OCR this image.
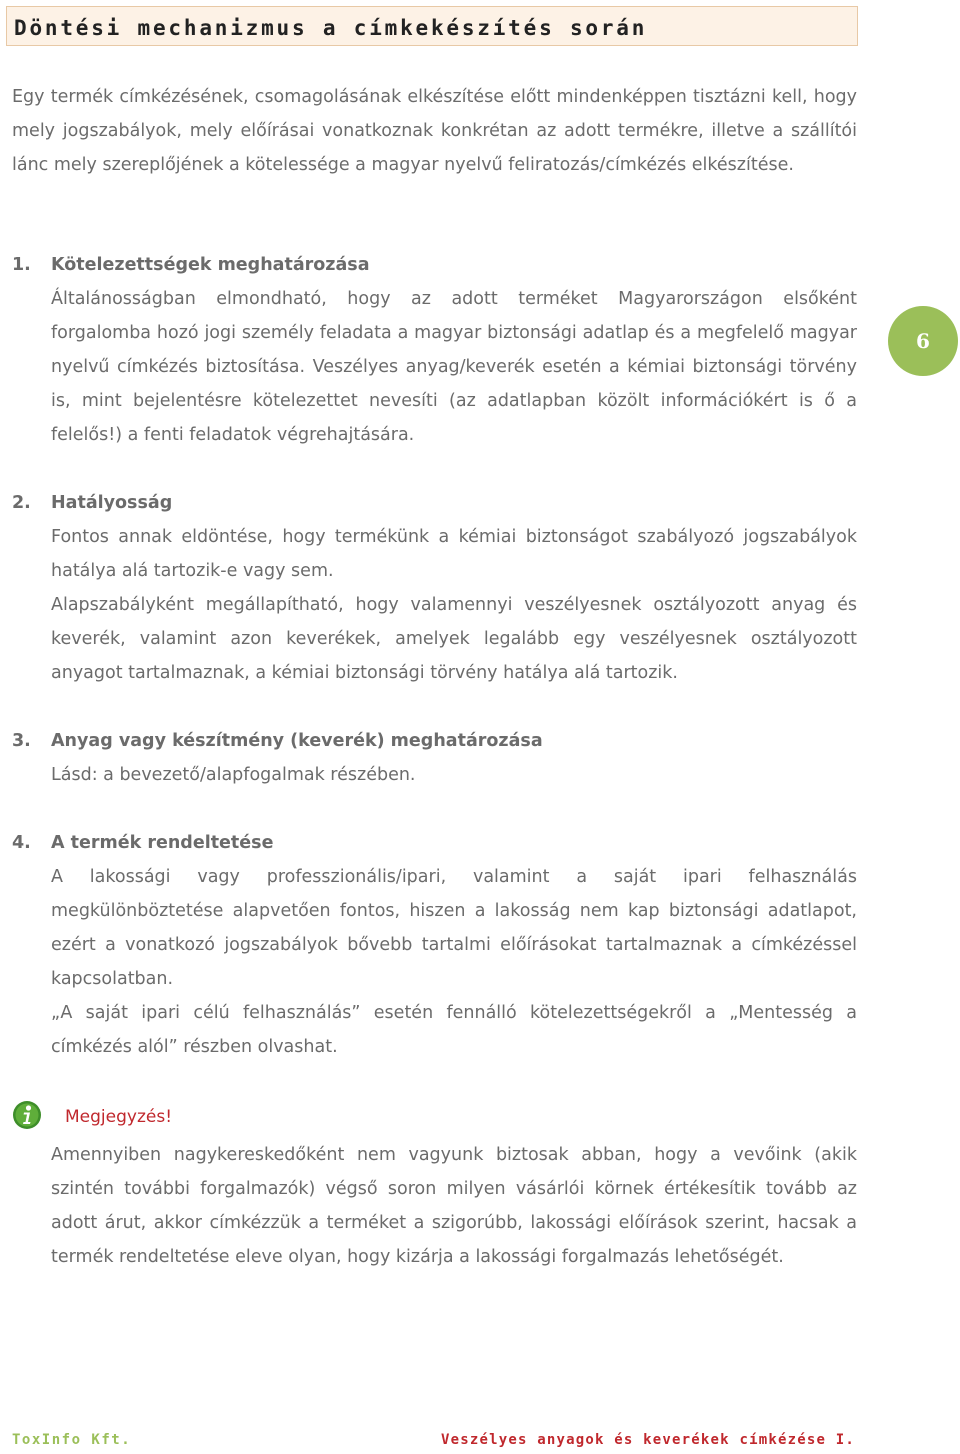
Döntési mechanizmus a címkekészítés során

Egy termék címkézésének, csomagolásának elkészítése előtt mindenképpen tisztázni kell, hogy mely jogszabályok, mely előírásai vonatkoznak konkrétan az adott termékre, illetve a szállítói lánc mely szereplőjének a kötelessége a magyar nyelvű feliratozás/címkézés elkészítése.

1. Kötelezettségek meghatározása

Általánosságban elmondható, hogy az adott terméket Magyarországon elsőként forgalomba hozó jogi személy feladata a magyar biztonsági adatlap és a megfelelő magyar nyelvű címkézés biztosítása. Veszélyes anyag/keverék esetén a kémiai biztonsági törvény is, mint bejelentésre kötelezettet nevesíti (az adatlapban közölt információkért is ő a felelős!) a fenti feladatok végrehajtására.

2. Hatályosság

Fontos annak eldöntése, hogy termékünk a kémiai biztonságot szabályozó jogszabályok hatálya alá tartozik-e vagy sem.

Alapszabályként megállapítható, hogy valamennyi veszélyesnek osztályozott anyag és keverék, valamint azon keverékek, amelyek legalább egy veszélyesnek osztályozott anyagot tartalmaznak, a kémiai biztonsági törvény hatálya alá tartozik.

3. Anyag vagy készítmény (keverék) meghatározása

Lásd: a bevezető/alapfogalmak részében.

4. A termék rendeltetése

A lakossági vagy professzionális/ipari, valamint a saját ipari felhasználás megkülönböztetése alapvetően fontos, hiszen a lakosság nem kap biztonsági adatlapot, ezért a vonatkozó jogszabályok bővebb tartalmi előírásokat tartalmaznak a címkézéssel kapcsolatban.

„A saját ipari célú felhasználás” esetén fennálló kötelezettségekről a „Mentesség a címkézés alól” részben olvashat.

6
Megjegyzés!

Amennyiben nagykereskedőként nem vagyunk biztosak abban, hogy a vevőink (akik szintén további forgalmazók) végső soron milyen vásárlói körnek értékesítik tovább az adott árut, akkor címkézzük a terméket a szigorúbb, lakossági előírások szerint, hacsak a termék rendeltetése eleve olyan, hogy kizárja a lakossági forgalmazás lehetőségét.

ToxInfo Kft.	Veszélyes anyagok és keverékek címkézése I.
